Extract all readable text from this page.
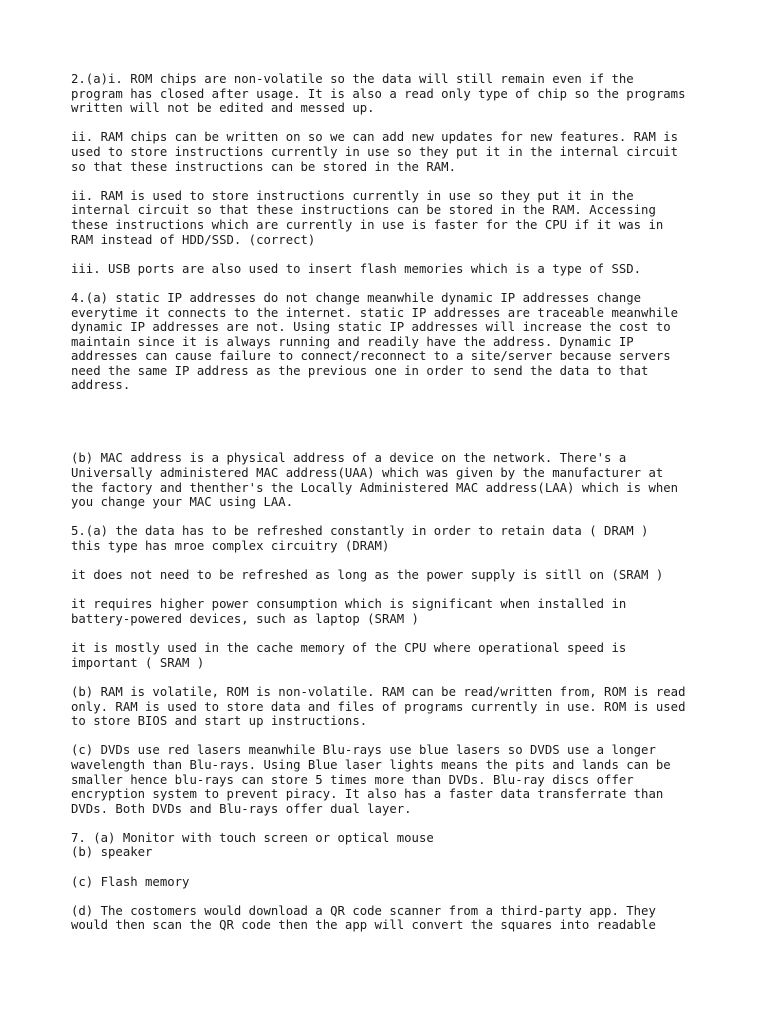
2.(a)i. ROM chips are non-volatile so the data will still remain even if the
program has closed after usage. It is also a read only type of chip so the programs
written will not be edited and messed up.

ii. RAM chips can be written on so we can add new updates for new features. RAM is
used to store instructions currently in use so they put it in the internal circuit
so that these instructions can be stored in the RAM.

ii. RAM is used to store instructions currently in use so they put it in the
internal circuit so that these instructions can be stored in the RAM. Accessing
these instructions which are currently in use is faster for the CPU if it was in
RAM instead of HDD/SSD. (correct)

iii. USB ports are also used to insert flash memories which is a type of SSD.

4.(a) static IP addresses do not change meanwhile dynamic IP addresses change
everytime it connects to the internet. static IP addresses are traceable meanwhile
dynamic IP addresses are not. Using static IP addresses will increase the cost to
maintain since it is always running and readily have the address. Dynamic IP
addresses can cause failure to connect/reconnect to a site/server because servers
need the same IP address as the previous one in order to send the data to that
address.

(b) MAC address is a physical address of a device on the network. There's a
Universally administered MAC address(UAA) which was given by the manufacturer at
the factory and thenther's the Locally Administered MAC address(LAA) which is when
you change your MAC using LAA.

5.(a) the data has to be refreshed constantly in order to retain data ( DRAM )
this type has mroe complex circuitry (DRAM)

it does not need to be refreshed as long as the power supply is sitll on (SRAM )

it requires higher power consumption which is significant when installed in
battery-powered devices, such as laptop (SRAM )

it is mostly used in the cache memory of the CPU where operational speed is
important ( SRAM )

(b) RAM is volatile, ROM is non-volatile. RAM can be read/written from, ROM is read
only. RAM is used to store data and files of programs currently in use. ROM is used
to store BIOS and start up instructions.

(c) DVDs use red lasers meanwhile Blu-rays use blue lasers so DVDS use a longer
wavelength than Blu-rays. Using Blue laser lights means the pits and lands can be
smaller hence blu-rays can store 5 times more than DVDs. Blu-ray discs offer
encryption system to prevent piracy. It also has a faster data transferrate than
DVDs. Both DVDs and Blu-rays offer dual layer.

7. (a) Monitor with touch screen or optical mouse
(b) speaker

(c) Flash memory

(d) The costomers would download a QR code scanner from a third-party app. They
would then scan the QR code then the app will convert the squares into readable
